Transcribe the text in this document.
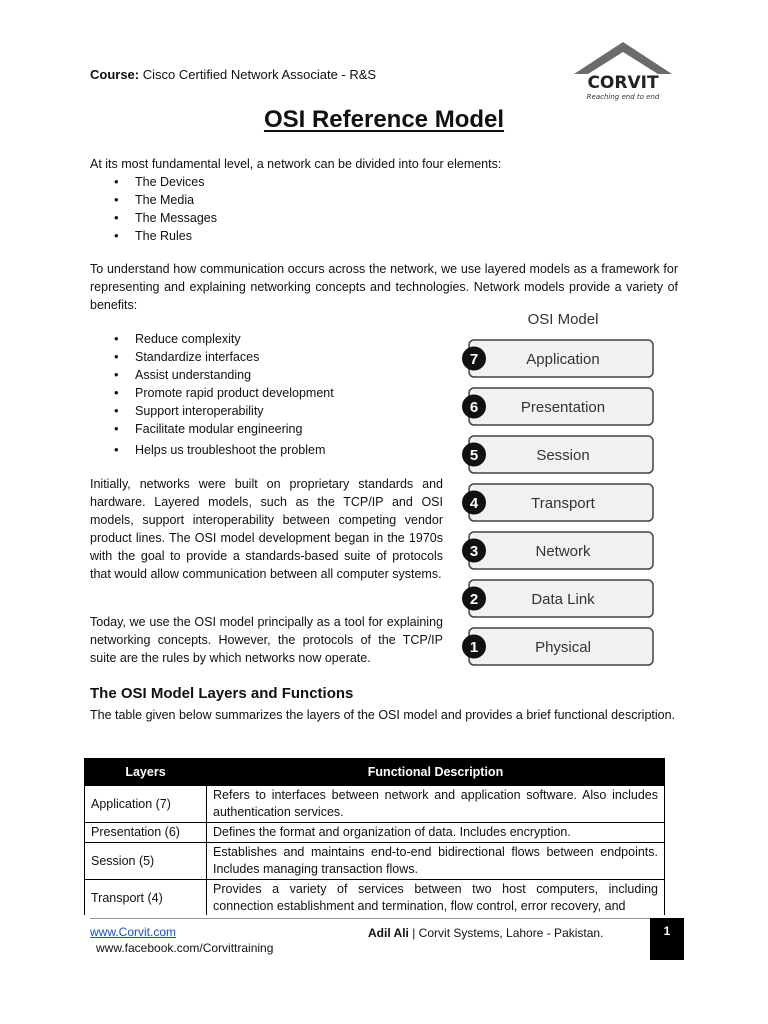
Course: Cisco Certified Network Associate - R&S	CORVIT
Reaching end to end
OSI Reference Model

At its most fundamental level, a network can be divided into four elements:

• The Devices
• The Media
• The Messages
• The Rules

To understand how communication occurs across the network, we use layered models as a framework for representing and explaining networking concepts and technologies. Network models provide a variety of benefits:

• Reduce complexity
• Standardize interfaces
• Assist understanding
• Promote rapid product development
• Support interoperability
• Facilitate modular engineering
• Helps us troubleshoot the problem

Initially, networks were built on proprietary standards and hardware. Layered models, such as the TCP/IP and OSI models, support interoperability between competing vendor product lines. The OSI model development began in the 1970s with the goal to provide a standards-based suite of protocols that would allow communication between all computer systems.

Today, we use the OSI model principally as a tool for explaining networking concepts. However, the protocols of the TCP/IP suite are the rules by which networks now operate.

OSI Model
7	Application
6	Presentation
5	Session
4	Transport
3	Network
2	Data Link
1	Physical
The OSI Model Layers and Functions

The table given below summarizes the layers of the OSI model and provides a brief functional description.

Layers	Functional Description
Application (7)	Refers to interfaces between network and application software. Also includes authentication services.
Presentation (6)	Defines the format and organization of data. Includes encryption.
Session (5)	Establishes and maintains end-to-end bidirectional flows between endpoints. Includes managing transaction flows.
Transport (4)	Provides a variety of services between two host computers, including connection establishment and termination, flow control, error recovery, and
www.Corvit.com
www.facebook.com/Corvittraining
Adil Ali | Corvit Systems, Lahore - Pakistan.	1
